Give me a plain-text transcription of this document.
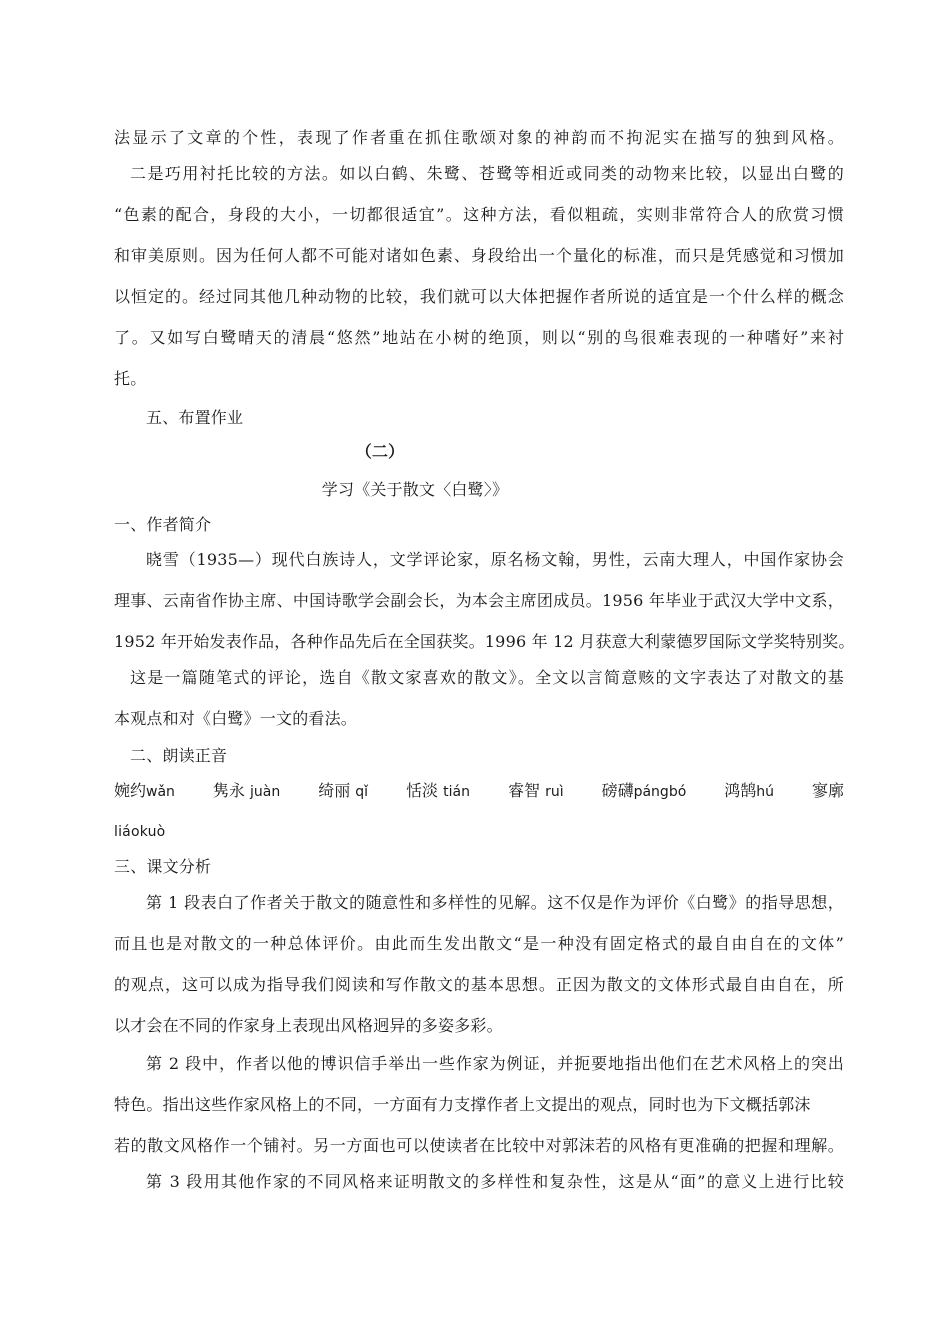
法显示了文章的个性，表现了作者重在抓住歌颂对象的神韵而不拘泥实在描写的独到风格。
二是巧用衬托比较的方法。如以白鹤、朱鹭、苍鹭等相近或同类的动物来比较，以显出白鹭的
“色素的配合，身段的大小，一切都很适宜”。这种方法，看似粗疏，实则非常符合人的欣赏习惯
和审美原则。因为任何人都不可能对诸如色素、身段给出一个量化的标准，而只是凭感觉和习惯加
以恒定的。经过同其他几种动物的比较，我们就可以大体把握作者所说的适宜是一个什么样的概念
了。又如写白鹭晴天的清晨“悠然”地站在小树的绝顶，则以“别的鸟很难表现的一种嗜好”来衬
托。
五、布置作业
（二）
学习《关于散文〈白鹭〉》
一、作者简介
晓雪（1935—）现代白族诗人，文学评论家，原名杨文翰，男性，云南大理人，中国作家协会
理事、云南省作协主席、中国诗歌学会副会长，为本会主席团成员。1956 年毕业于武汉大学中文系，
1952 年开始发表作品，各种作品先后在全国获奖。1996 年 12 月获意大利蒙德罗国际文学奖特别奖。
这是一篇随笔式的评论，选自《散文家喜欢的散文》。全文以言简意赅的文字表达了对散文的基
本观点和对《白鹭》一文的看法。
二、朗读正音
婉约wǎn 隽永 juàn 绮丽 qǐ 恬淡 tián 睿智 ruì 磅礴pángbó 鸿鹄hú 寥廓
liáokuò
三、课文分析
第 1 段表白了作者关于散文的随意性和多样性的见解。这不仅是作为评价《白鹭》的指导思想，
而且也是对散文的一种总体评价。由此而生发出散文“是一种没有固定格式的最自由自在的文体”
的观点，这可以成为指导我们阅读和写作散文的基本思想。正因为散文的文体形式最自由自在，所
以才会在不同的作家身上表现出风格迥异的多姿多彩。
第 2 段中，作者以他的博识信手举出一些作家为例证，并扼要地指出他们在艺术风格上的突出
特色。指出这些作家风格上的不同，一方面有力支撑作者上文提出的观点，同时也为下文概括郭沫
若的散文风格作一个铺衬。另一方面也可以使读者在比较中对郭沫若的风格有更准确的把握和理解。
第 3 段用其他作家的不同风格来证明散文的多样性和复杂性，这是从“面”的意义上进行比较
